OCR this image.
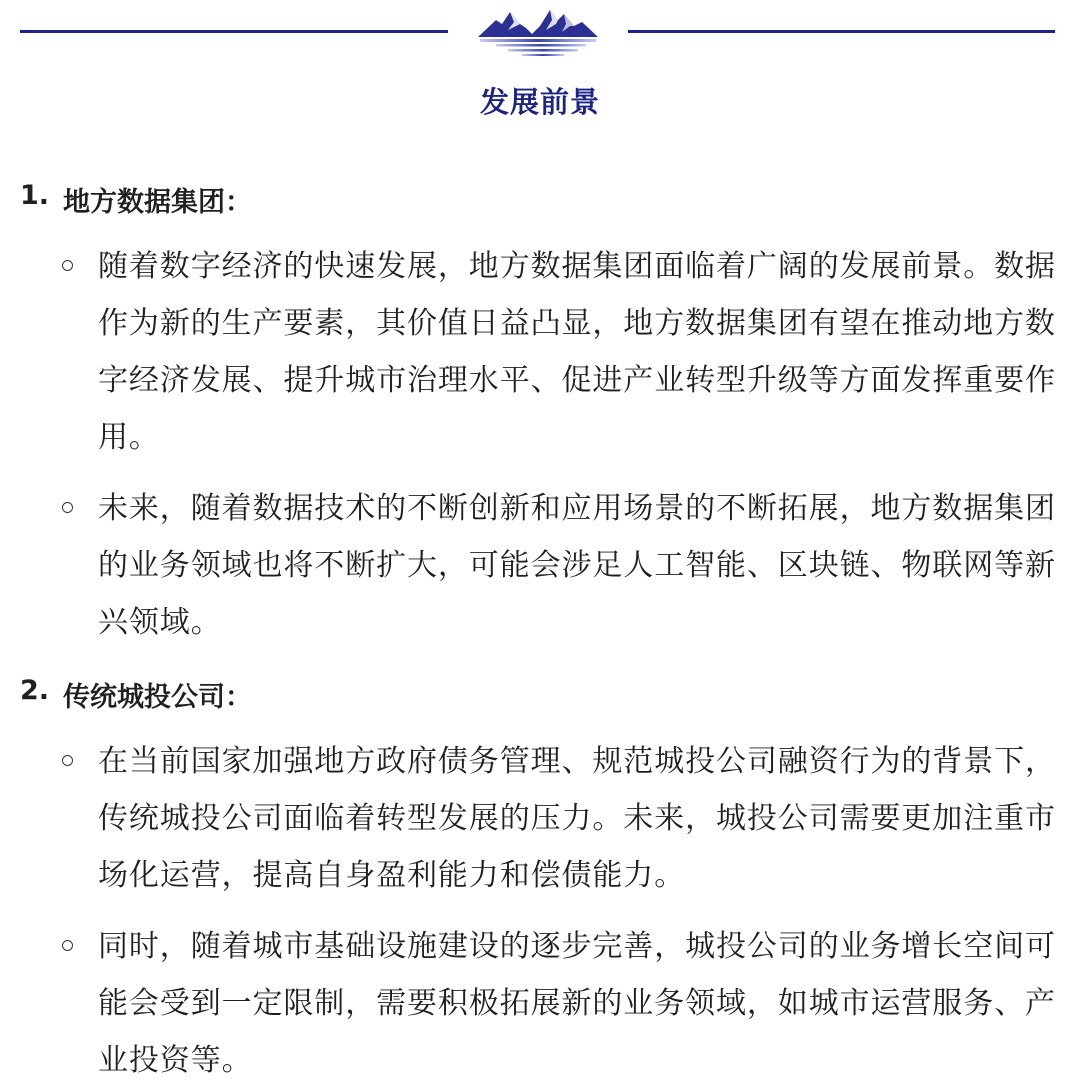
发展前景
1. 地方数据集团：
随着数字经济的快速发展，地方数据集团面临着广阔的发展前景。数据作为新的生产要素，其价值日益凸显，地方数据集团有望在推动地方数字经济发展、提升城市治理水平、促进产业转型升级等方面发挥重要作用。
未来，随着数据技术的不断创新和应用场景的不断拓展，地方数据集团的业务领域也将不断扩大，可能会涉足人工智能、区块链、物联网等新兴领域。
2. 传统城投公司：
在当前国家加强地方政府债务管理、规范城投公司融资行为的背景下，传统城投公司面临着转型发展的压力。未来，城投公司需要更加注重市场化运营，提高自身盈利能力和偿债能力。
同时，随着城市基础设施建设的逐步完善，城投公司的业务增长空间可能会受到一定限制，需要积极拓展新的业务领域，如城市运营服务、产业投资等。
